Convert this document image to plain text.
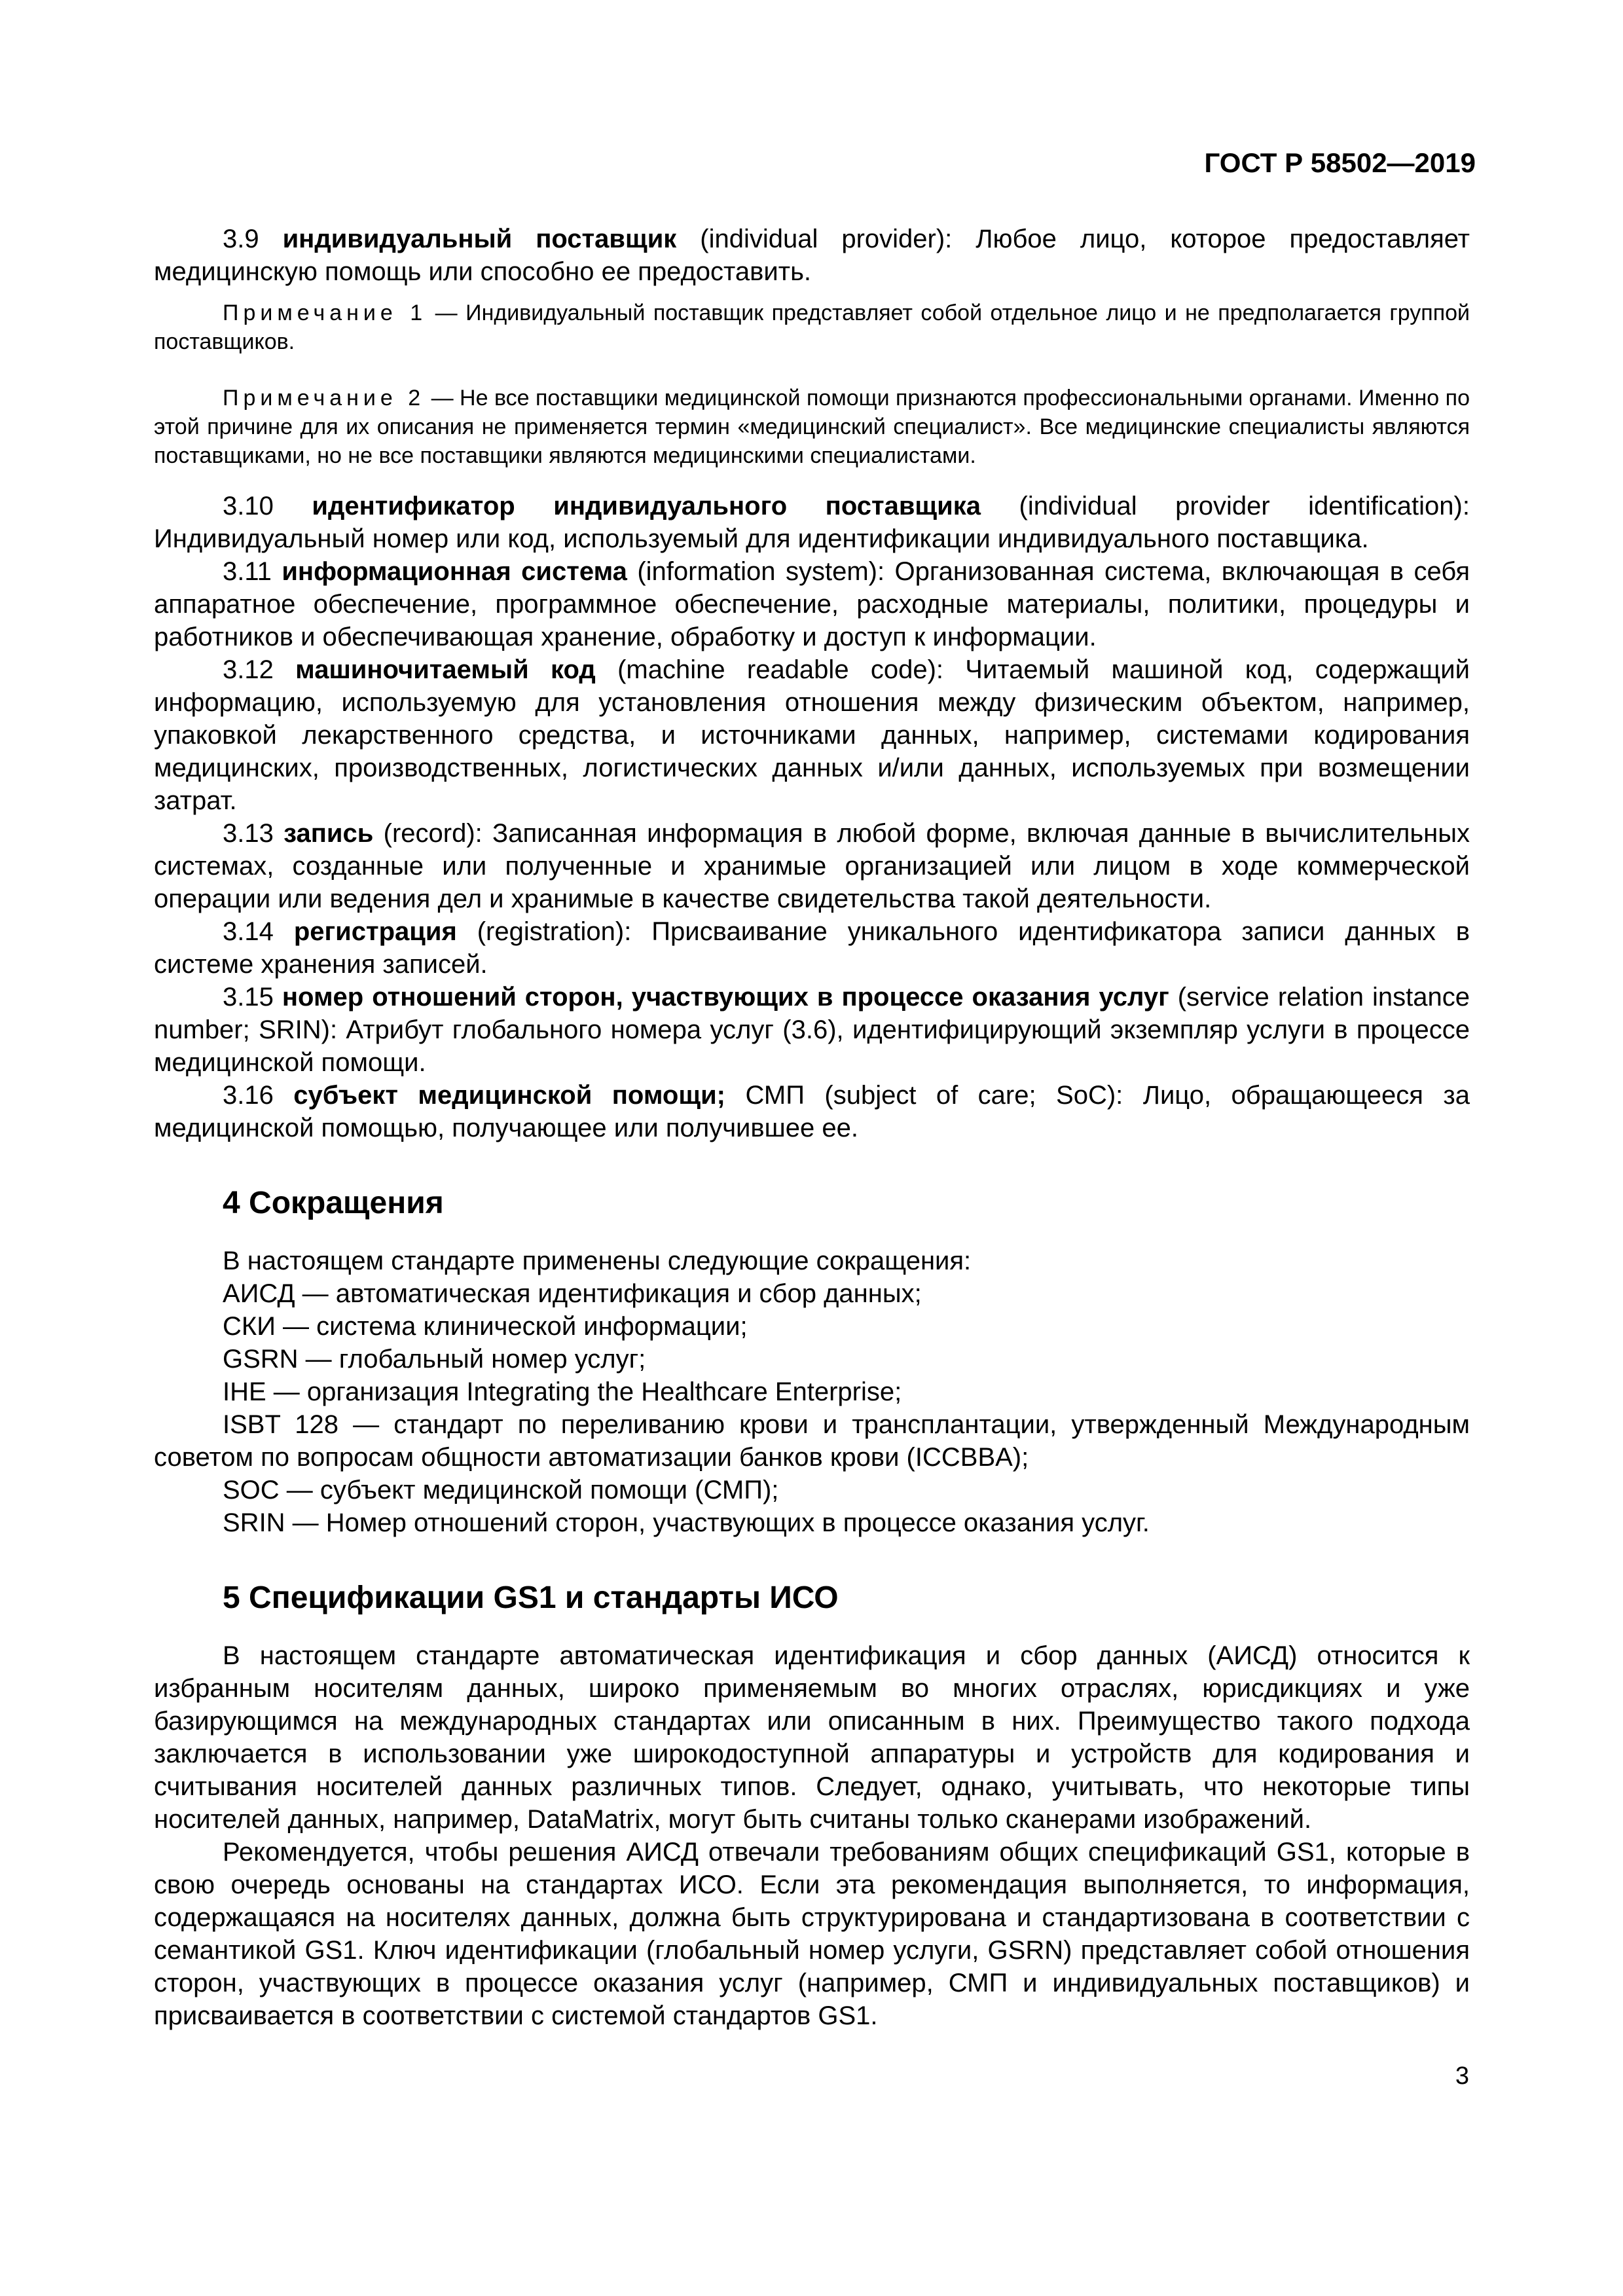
ГОСТ Р 58502—2019

3.9 индивидуальный поставщик (individual provider): Любое лицо, которое предоставляет медицинскую помощь или способно ее предоставить.

Примечание 1 — Индивидуальный поставщик представляет собой отдельное лицо и не предполагается группой поставщиков.

Примечание 2 — Не все поставщики медицинской помощи признаются профессиональными органами. Именно по этой причине для их описания не применяется термин «медицинский специалист». Все медицинские специалисты являются поставщиками, но не все поставщики являются медицинскими специалистами.

3.10 идентификатор индивидуального поставщика (individual provider identification): Индивидуальный номер или код, используемый для идентификации индивидуального поставщика.

3.11 информационная система (information system): Организованная система, включающая в себя аппаратное обеспечение, программное обеспечение, расходные материалы, политики, процедуры и работников и обеспечивающая хранение, обработку и доступ к информации.

3.12 машиночитаемый код (machine readable code): Читаемый машиной код, содержащий информацию, используемую для установления отношения между физическим объектом, например, упаковкой лекарственного средства, и источниками данных, например, системами кодирования медицинских, производственных, логистических данных и/или данных, используемых при возмещении затрат.

3.13 запись (record): Записанная информация в любой форме, включая данные в вычислительных системах, созданные или полученные и хранимые организацией или лицом в ходе коммерческой операции или ведения дел и хранимые в качестве свидетельства такой деятельности.

3.14 регистрация (registration): Присваивание уникального идентификатора записи данных в системе хранения записей.

3.15 номер отношений сторон, участвующих в процессе оказания услуг (service relation instance number; SRIN): Атрибут глобального номера услуг (3.6), идентифицирующий экземпляр услуги в процессе медицинской помощи.

3.16 субъект медицинской помощи; СМП (subject of care; SoC): Лицо, обращающееся за медицинской помощью, получающее или получившее ее.

4 Сокращения

В настоящем стандарте применены следующие сокращения:

АИСД — автоматическая идентификация и сбор данных;

СКИ — система клинической информации;

GSRN — глобальный номер услуг;

IHE — организация Integrating the Healthcare Enterprise;

ISBT 128 — стандарт по переливанию крови и трансплантации, утвержденный Международным советом по вопросам общности автоматизации банков крови (ICCBBA);

SOC — субъект медицинской помощи (СМП);

SRIN — Номер отношений сторон, участвующих в процессе оказания услуг.

5 Спецификации GS1 и стандарты ИСО

В настоящем стандарте автоматическая идентификация и сбор данных (АИСД) относится к избранным носителям данных, широко применяемым во многих отраслях, юрисдикциях и уже базирующимся на международных стандартах или описанным в них. Преимущество такого подхода заключается в использовании уже широкодоступной аппаратуры и устройств для кодирования и считывания носителей данных различных типов. Следует, однако, учитывать, что некоторые типы носителей данных, например, DataMatrix, могут быть считаны только сканерами изображений.

Рекомендуется, чтобы решения АИСД отвечали требованиям общих спецификаций GS1, которые в свою очередь основаны на стандартах ИСО. Если эта рекомендация выполняется, то информация, содержащаяся на носителях данных, должна быть структурирована и стандартизована в соответствии с семантикой GS1. Ключ идентификации (глобальный номер услуги, GSRN) представляет собой отношения сторон, участвующих в процессе оказания услуг (например, СМП и индивидуальных поставщиков) и присваивается в соответствии с системой стандартов GS1.

3
